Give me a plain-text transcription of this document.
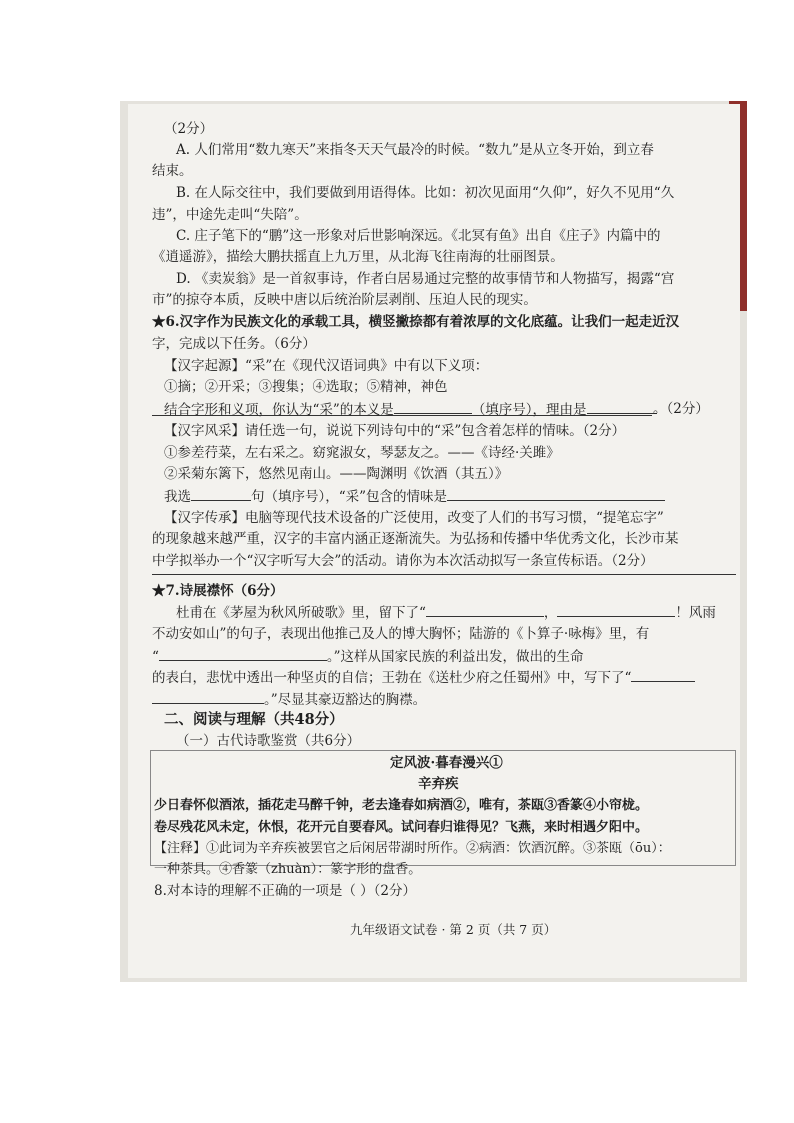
（2分）
A. 人们常用“数九寒天”来指冬天天气最冷的时候。“数九”是从立冬开始，到立春
结束。
B. 在人际交往中，我们要做到用语得体。比如：初次见面用“久仰”，好久不见用“久
违”，中途先走叫“失陪”。
C. 庄子笔下的“鹏”这一形象对后世影响深远。《北冥有鱼》出自《庄子》内篇中的
《逍遥游》，描绘大鹏扶摇直上九万里，从北海飞往南海的壮丽图景。
D. 《卖炭翁》是一首叙事诗，作者白居易通过完整的故事情节和人物描写，揭露“宫
市”的掠夺本质，反映中唐以后统治阶层剥削、压迫人民的现实。
★6.汉字作为民族文化的承载工具，横竖撇捺都有着浓厚的文化底蕴。让我们一起走近汉
字，完成以下任务。（6分）
【汉字起源】“采”在《现代汉语词典》中有以下义项：
①摘；②开采；③搜集；④选取；⑤精神，神色
结合字形和义项，你认为“采”的本义是	（填序号），理由是	。（2分）
【汉字风采】请任选一句，说说下列诗句中的“采”包含着怎样的情味。（2分）
①参差荇菜，左右采之。窈窕淑女，琴瑟友之。——《诗经·关雎》
②采菊东篱下，悠然见南山。——陶渊明《饮酒（其五）》
我选	句（填序号），“采”包含的情味是
【汉字传承】电脑等现代技术设备的广泛使用，改变了人们的书写习惯，“提笔忘字”
的现象越来越严重，汉字的丰富内涵正逐渐流失。为弘扬和传播中华优秀文化，长沙市某
中学拟举办一个“汉字听写大会”的活动。请你为本次活动拟写一条宣传标语。（2分）
★7.诗展襟怀（6分）
杜甫在《茅屋为秋风所破歌》里，留下了“	，	！风雨
不动安如山”的句子，表现出他推己及人的博大胸怀；陆游的《卜算子·咏梅》里，有
“	。”这样从国家民族的利益出发，做出的生命
的表白，悲忧中透出一种坚贞的自信；王勃在《送杜少府之任蜀州》中，写下了“
。”尽显其豪迈豁达的胸襟。
二、阅读与理解（共48分）
（一）古代诗歌鉴赏（共6分）
定风波·暮春漫兴①
辛弃疾
少日春怀似酒浓，插花走马醉千钟，老去逢春如病酒②，唯有，茶瓯③香篆④小帘栊。
卷尽残花风未定，休恨，花开元自要春风。试问春归谁得见？飞燕，来时相遇夕阳中。
【注释】①此词为辛弃疾被罢官之后闲居带湖时所作。②病酒：饮酒沉醉。③茶瓯（ōu）：
一种茶具。④香篆（zhuàn）：篆字形的盘香。
8.对本诗的理解不正确的一项是（ ）（2分）
九年级语文试卷 · 第 2 页（共 7 页）
